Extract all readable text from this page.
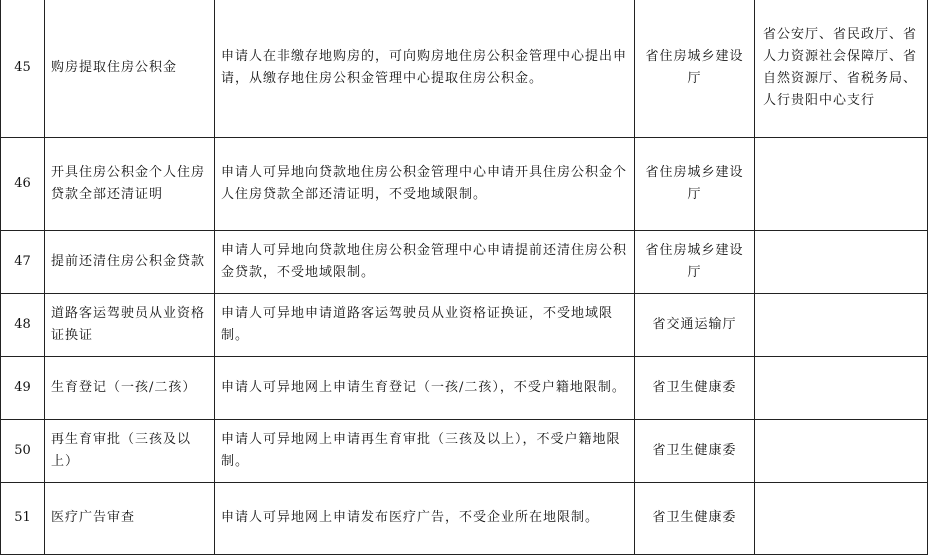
45	购房提取住房公积金	申请人在非缴存地购房的，可向购房地住房公积金管理中心提出申请，从缴存地住房公积金管理中心提取住房公积金。	省住房城乡建设厅	省公安厅、省民政厅、省人力资源社会保障厅、省自然资源厅、省税务局、人行贵阳中心支行
46	开具住房公积金个人住房贷款全部还清证明	申请人可异地向贷款地住房公积金管理中心申请开具住房公积金个人住房贷款全部还清证明，不受地域限制。	省住房城乡建设厅	
47	提前还清住房公积金贷款	申请人可异地向贷款地住房公积金管理中心申请提前还清住房公积金贷款，不受地域限制。	省住房城乡建设厅	
48	道路客运驾驶员从业资格证换证	申请人可异地申请道路客运驾驶员从业资格证换证，不受地域限制。	省交通运输厅	
49	生育登记（一孩/二孩）	申请人可异地网上申请生育登记（一孩/二孩），不受户籍地限制。	省卫生健康委	
50	再生育审批（三孩及以上）	申请人可异地网上申请再生育审批（三孩及以上），不受户籍地限制。	省卫生健康委	
51	医疗广告审查	申请人可异地网上申请发布医疗广告，不受企业所在地限制。	省卫生健康委	
